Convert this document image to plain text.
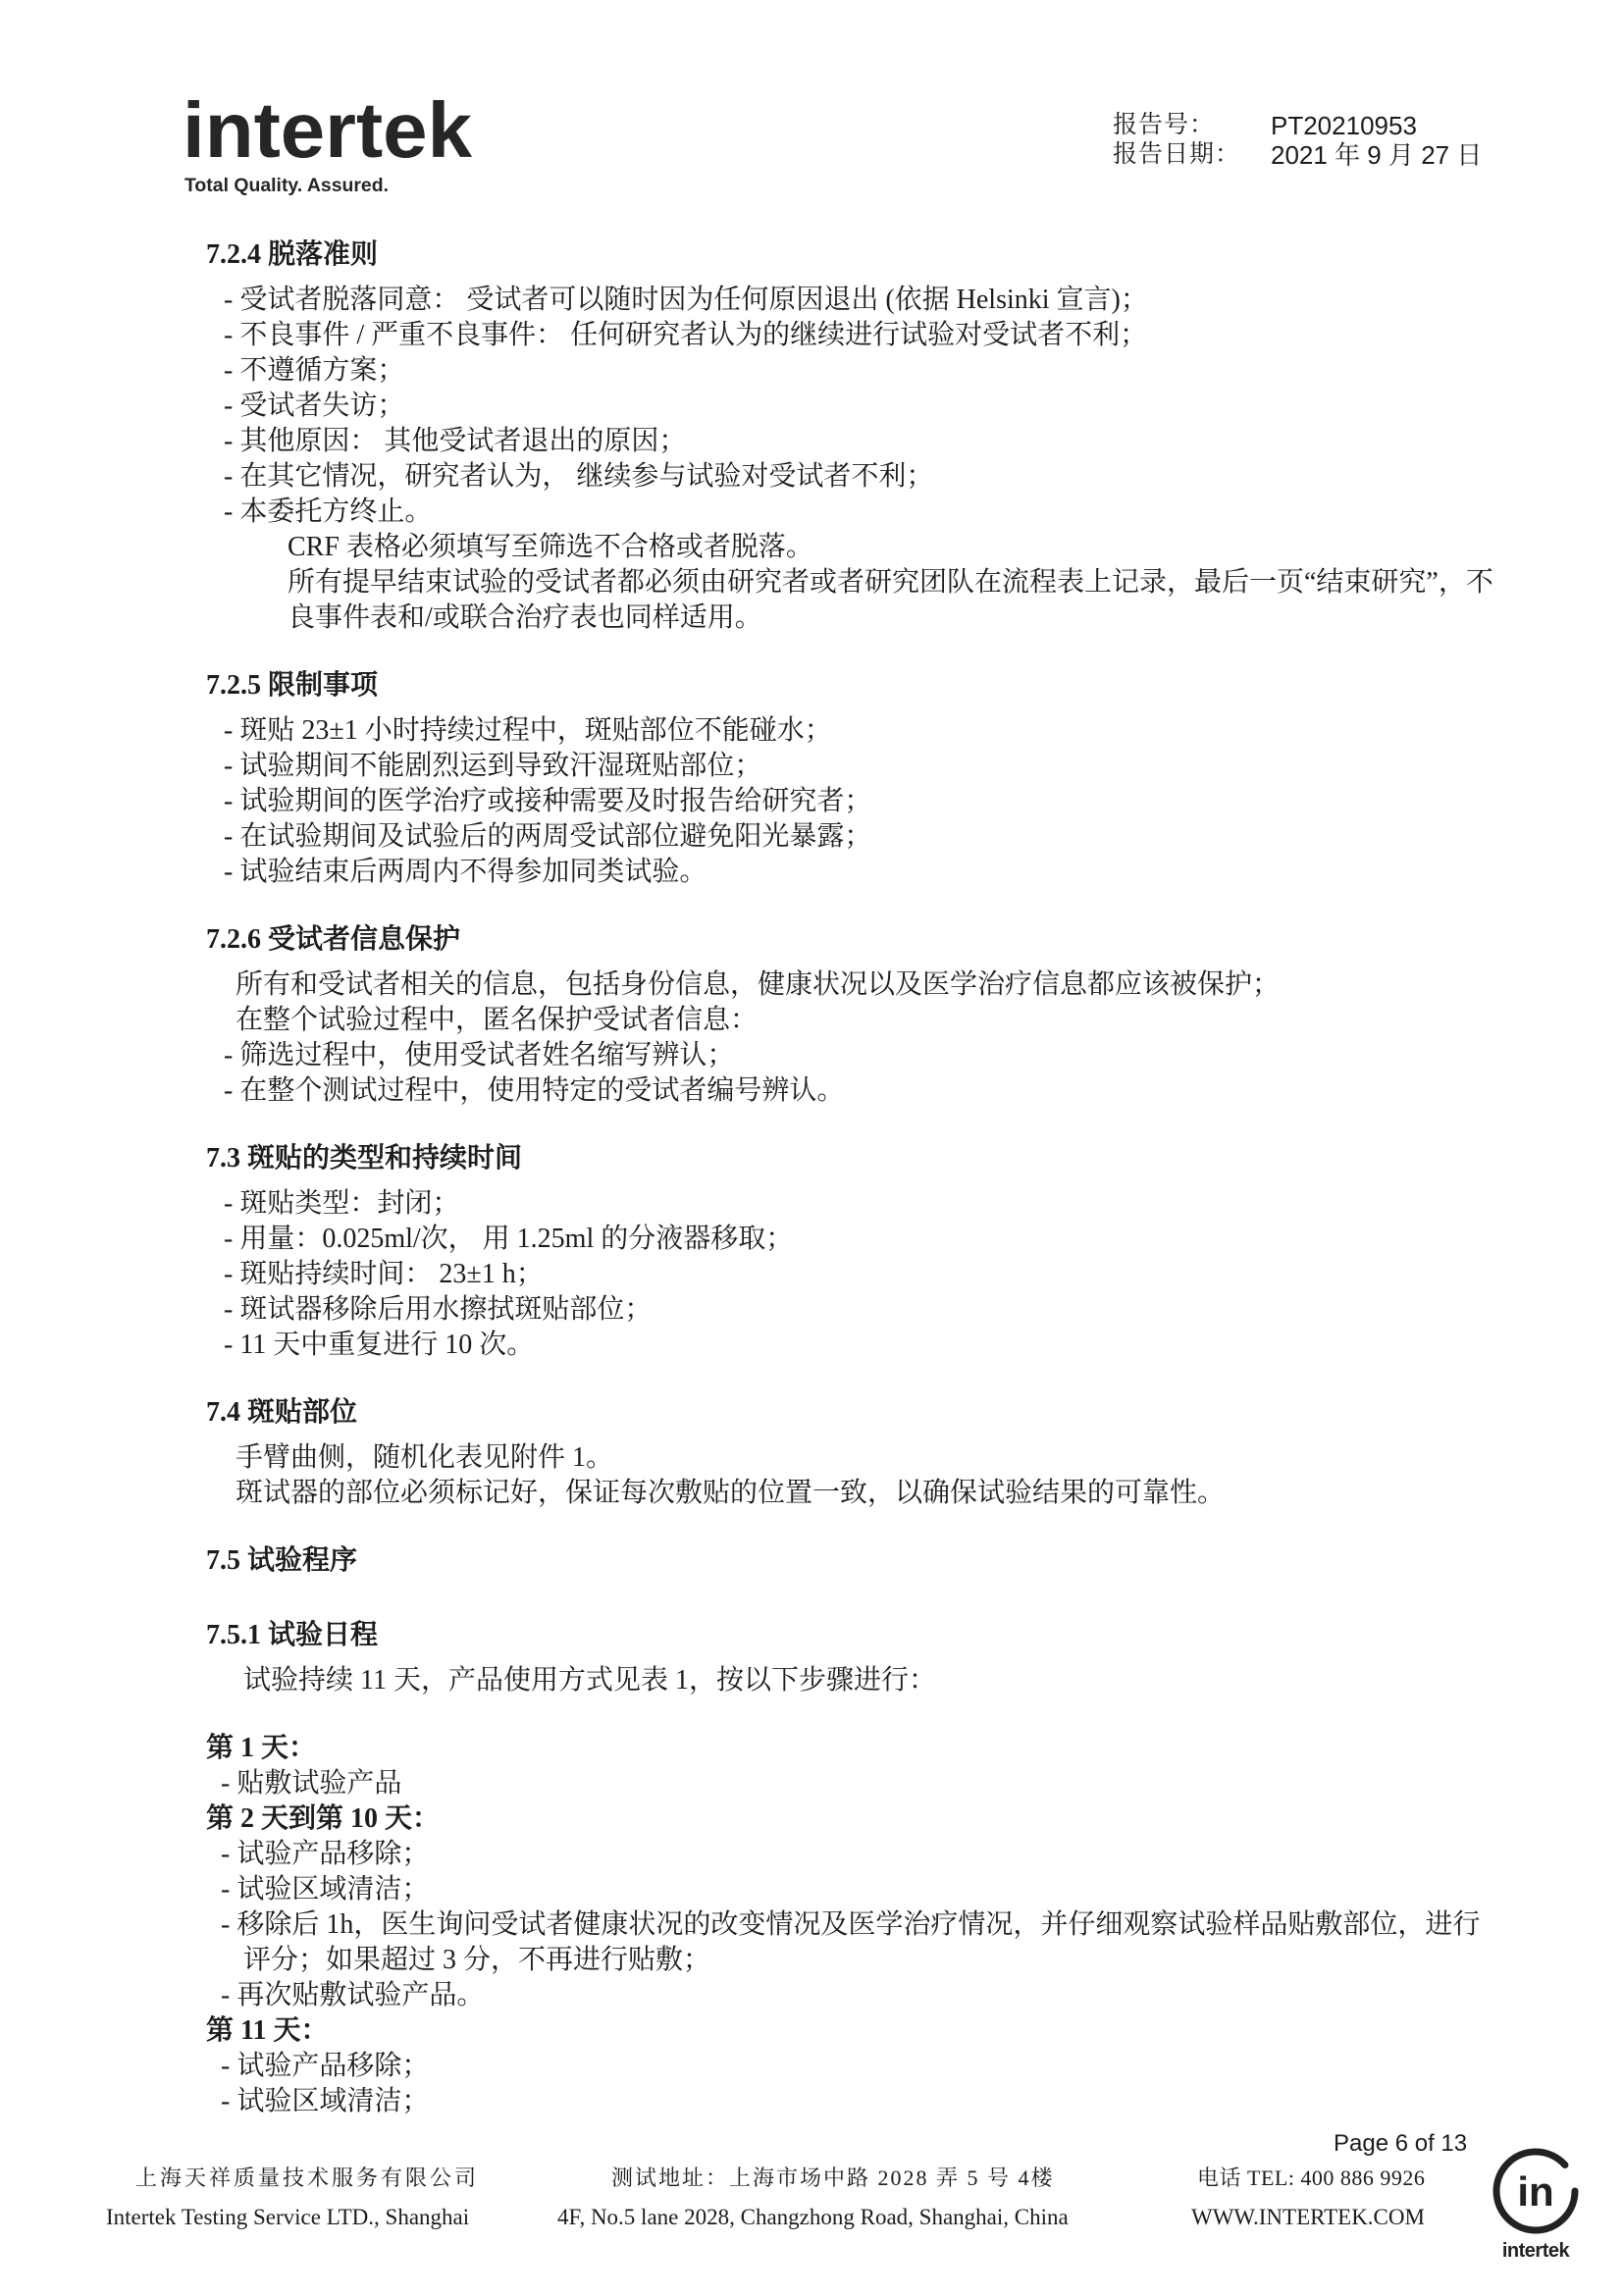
intertek
Total Quality. Assured.
报告号： PT20210953
报告日期： 2021 年 9 月 27 日
7.2.4 脱落准则
- 受试者脱落同意： 受试者可以随时因为任何原因退出 (依据 Helsinki 宣言)；
- 不良事件 / 严重不良事件： 任何研究者认为的继续进行试验对受试者不利；
- 不遵循方案；
- 受试者失访；
- 其他原因： 其他受试者退出的原因；
- 在其它情况，研究者认为， 继续参与试验对受试者不利；
- 本委托方终止。
CRF 表格必须填写至筛选不合格或者脱落。
所有提早结束试验的受试者都必须由研究者或者研究团队在流程表上记录，最后一页“结束研究”，不
良事件表和/或联合治疗表也同样适用。
7.2.5 限制事项
- 斑贴 23±1 小时持续过程中，斑贴部位不能碰水；
- 试验期间不能剧烈运到导致汗湿斑贴部位；
- 试验期间的医学治疗或接种需要及时报告给研究者；
- 在试验期间及试验后的两周受试部位避免阳光暴露；
- 试验结束后两周内不得参加同类试验。
7.2.6 受试者信息保护
所有和受试者相关的信息，包括身份信息，健康状况以及医学治疗信息都应该被保护；
在整个试验过程中，匿名保护受试者信息：
- 筛选过程中，使用受试者姓名缩写辨认；
- 在整个测试过程中，使用特定的受试者编号辨认。
7.3 斑贴的类型和持续时间
- 斑贴类型：封闭；
- 用量：0.025ml/次， 用 1.25ml 的分液器移取；
- 斑贴持续时间： 23±1 h；
- 斑试器移除后用水擦拭斑贴部位；
- 11 天中重复进行 10 次。
7.4 斑贴部位
手臂曲侧，随机化表见附件 1。
斑试器的部位必须标记好，保证每次敷贴的位置一致，以确保试验结果的可靠性。
7.5 试验程序
7.5.1 试验日程
试验持续 11 天，产品使用方式见表 1，按以下步骤进行：
第 1 天：
- 贴敷试验产品
第 2 天到第 10 天：
- 试验产品移除；
- 试验区域清洁；
- 移除后 1h，医生询问受试者健康状况的改变情况及医学治疗情况，并仔细观察试验样品贴敷部位，进行
评分；如果超过 3 分，不再进行贴敷；
- 再次贴敷试验产品。
第 11 天：
- 试验产品移除；
- 试验区域清洁；
Page 6 of 13
上海天祥质量技术服务有限公司	测试地址：上海市场中路 2028 弄 5 号 4楼	电话 TEL: 400 886 9926
Intertek Testing Service LTD., Shanghai	4F, No.5 lane 2028, Changzhong Road, Shanghai, China	WWW.INTERTEK.COM
in
intertek
